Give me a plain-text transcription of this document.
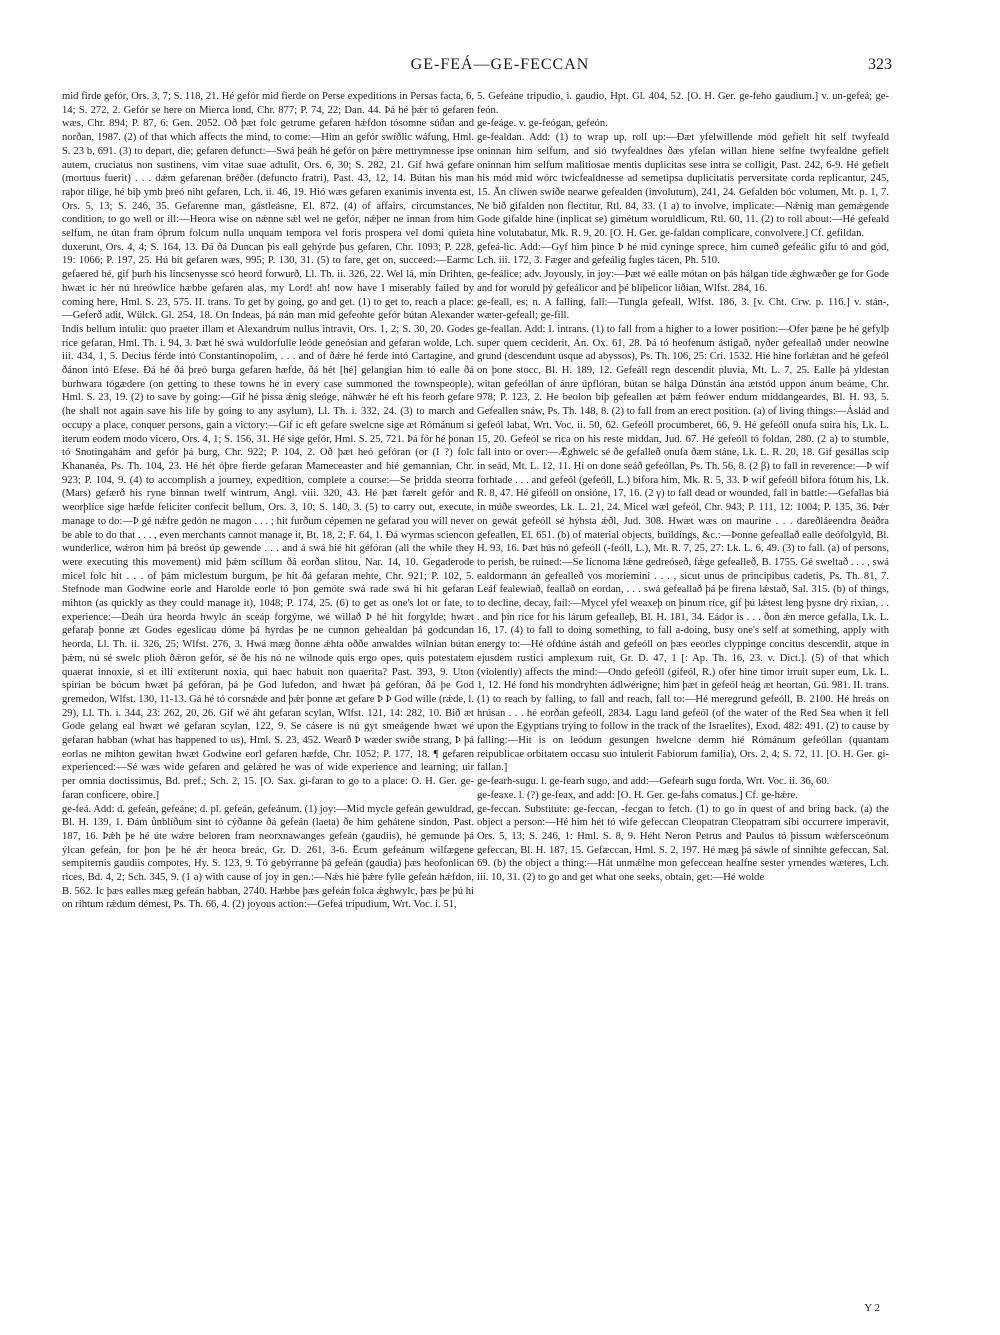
GE-FEÁ—GE-FECCAN	323

mid firde gefór, Ors. 3, 7; S. 118, 21. Hé gefór mid fierde on Perse expeditions in Persas facta, 6, 14; S. 272, 2. Gefór se here on Mierca lond, Chr. 877; P. 74, 22; Dan. 44. Þá hé þǽr tó gefaren wæs, Chr. 894; P. 87, 6: Gen. 2052. Oð þæt folc getrume gefaren hǽfdon tósomne súðan and norðan, 1987. (2) of that which affects the mind, to come:—Him an gefór swíðlic wáfung, Hml. S. 23 b, 691. (3) to depart, die; gefaren defunct:—Swá þeáh hé gefór on þǽre mettrymnesse ipse autem, cruciatus non sustinens, vim vitae suae adtulit, Ors. 6, 30; S. 282, 21. Gif hwá gefare (mortuus fuerit) . . . dǽm gefarenan bréðer (defuncto fratri), Past. 43, 12, 14. Bútan his man raþor tilige, hé biþ ymb þreó niht gefaren, Lch. ii. 46, 19. Hió wæs gefaren exanimis inventa est, Ors. 5, 13; S. 246, 35. Gefarenne man, gástleásne, El. 872. (4) of affairs, circumstances, condition, to go well or ill:—Heora wise on nǽnne sǽl wel ne gefór, nǽþer ne innan from him selfum, ne útan fram óþrum folcum nulla unquam tempora vel foris prospera vel domi quieta duxerunt, Ors. 4, 4; S. 164, 13. Ðá ðá Duncan þis eall gehýrde þus gefaren, Chr. 1093; P. 228, 19: 1066; P. 197, 25. Hú bit gefaren wæs, 995; P. 130, 31. (5) to fare, get on, succeed:—Earmc gefaered hé, gif þurh his lincsenysse scó heord forwurð, Ll. Th. ii. 326, 22. Wel lá, mín Drihten, hwæt ic hér nú hreówlice hæbbe gefaren alas, my Lord! ah! now have I miserably failed by coming here, Hml. S. 23, 575. II. trans. To get by going, go and get. (1) to get to, reach a place:—Geferð adit, Wülck. Gl. 254, 18. On Indeas, þá nán man mid gefeohte gefór bútan Alexander Indis bellum intulit: quo praeter illam et Alexandrum nullus intravit, Ors. 1, 2; S. 30, 20. Godes ríce gefaran, Hml. Th. i. 94, 3. Þæt hé swá wuldorfulle leóde geneósian and gefaran wolde, Lch. iii. 434, 1, 5. Decius férde intó Constantinopolim, . . . and of ðǽre hé ferde intó Cartagine, and ðánon intó Efese. Ðá hé ðá þreó burga gefaren hæfde, ðá hét [hé] gelangian him tó ealle ðá burhwara tógædere (on getting to these towns he in every case summoned the townspeople), Hml. S. 23, 19. (2) to save by going:—Gif hé þissa ǽnig sleóge, náhwǽr hé eft his feorh gefare (he shall not again save his life by going to any asylum), Ll. Th. i. 332, 24. (3) to march and occupy a place, conquer persons, gain a victory:—Gif ic eft gefare swelcne sige æt Rómánum si iterum eodem modo vicero, Ors. 4, 1; S. 156, 31. Hé sige gefór, Hml. S. 25, 721. Þá fór hé þonan tó Snotingahám and gefór þá burg, Chr. 922; P. 104, 2. Oð þæt heó gefóran (or (I ?) folc Khananéa, Ps. Th. 104, 23. Hé hét óþre fierde gefaran Mameceaster and hié gemannian, Chr. 923; P. 104, 9. (4) to accomplish a journey, expedition, complete a course:—Se þridda steorra (Mars) gefærð his ryne binnan twelf wintrum, Angl. viii. 320, 43. Hé þæt færelt gefór and weorþlíce sige hæfde feliciter confecit bellum, Ors. 3, 10; S. 140, 3. (5) to carry out, execute, manage to do:—Þ gé nǽfre gedón ne magon . . . ; hit furðum cépemen ne gefarad you will never be able to do that . . . , even merchants cannot manage it, Bt. 18, 2; F. 64, 1. Ðá wyrmas sciencon wunderlice, wǽron him þá breóst úp gewende . . . and á swá hié hit géfóran (all the while they were executing this movement) mid þǽm scillum ðá eorðan slitou, Nar. 14, 10. Gegaderode micel folc hit . . . of þám miclestum burgum, þe hit ðá gefaran mehte, Chr. 921; P. 102, 5. Stefnode man Godwine eorle and Harolde eorle tó þon gemóte swá rade swá hi hit gefaran mihton (as quickly as they could manage it), 1048; P. 174, 25. (6) to get as one's lot or fate, to experience:—Deáh úra heorda hwylc án sceáp forgýme, wé willað Þ hé hit forgylde; hwæt gefaraþ þonne æt Godes egesliсau dóme þá hyrdas þe ne cunnon gehealdan þá godcundan heorda, Ll. Th. ii. 326, 25; Wlfst. 276, 3. Hwá mæg ðonne ǽhta oððe anwaldes wilnian bútan þǽm, nú sé swelc plioh ðǽron gefór, sé ðe his nó ne wilnode quis ergo opes, quis potestatem quaerat innoxie, si et illi extiterunt noxia, qui haec habuit non quaerita? Past. 393, 9. Uton spirian be bócum hwæt þá gefóran, þá þe God lufedon, and hwæt þá gefóran, ðá þe God gremedon, Wlfst. 130, 11-13. Gá hé tó corsnǽde and þǽr þonne æt gefare Þ Þ God wille (rǽde, l. 29), Ll. Th. i. 344, 23: 262, 20, 26. Gif wé áht gefaran scylan, Wlfst. 121, 14: 282, 10. Bið æt Gode gelang eal hwæt wé gefaran scylan, 122, 9. Se cásere is nú gyt smeágende hwæt wé gefaran habban (what has happened to us), Hml. S. 23, 452. Wearð Þ wæder swíðe strang, Þ þá eorlas ne mihton gewitan hwæt Godwine eorl gefaren hæfde, Chr. 1052; P. 177, 18. ¶ gefaren experienced:—Sé wæs wide gefaren and gelǽred he was of wide experience and learning; uir per omnia doctissimus, Bd. pref.; Sch. 2, 15. [O. Sax. gi-faran to go to a place: O. H. Ger. ge-faran conficere, obire.]

ge-feá. Add: d. gefeán, gefeáne; d. pl. gefeán, gefeánum. (1) joy:—Mid mycle gefeán gewuldrad, Bl. H. 139, 1. Ðám ůnblíðum sint tó cýðanne ðá gefeán (laeta) ðe him gehátene sindon, Past. 187, 16. Þǽh þe hé úte wǽre beloren fram neorxnawanges gefeán (gaudiis), hé gemunde þá ýlcan gefeán, for þon þe hé ǽr heora breác, Gr. D. 261, 3-6. Ēcum gefeánum wilfægene sempiternis gaudiis compotes, Hy. S. 123, 9. Tó gebýrranne þá gefeán (gaudia) þæs heofonlican rices, Bd. 4, 2; Sch. 345, 9. (1 a) with cause of joy in gen.:—Nǽs hié þǽre fylle gefeán hǽfdon, B. 562. Ic þæs ealles mæg gefeán habban, 2740. Hæbbe þæs gefeán folca ǽghwylc, þæs þe þú hi on rihtum rǽdum démest, Ps. Th. 66, 4. (2) joyous action:—Gefeá tripudium, Wrt. Voc. i. 51,

5. Gefeáne tripudio, i. gaudio, Hpt. Gl. 404, 52. [O. H. Ger. ge-feho gaudium.] v. un-gefeá; ge-feón.

ge-feáge. v. ge-feógan, gefeón.

ge-fealdan. Add: (1) to wrap up, roll up:—Ðæt yfelwillende mód gefielt hit self twyfeald oninnan him selfum, and sió twyfealdnes ðæs yfelan willan hiene selfne twyfealdne gefielt oninnan him selfum malitiosae mentis duplicitas sese intra se colligit, Past. 242, 6-9. Hé gefielt his mód mid wórc twicfealdnesse ad semetipsa duplicitatis perversitate corda replicantur, 245, 15. Ān clíwen swíðe nearwe gefealden (involutum), 241, 24. Gefalden bóc volumen, Mt. p. 1, 7. Ne bið gifalden non flectitur, Rtl. 84, 33. (1 a) to involve, implicate:—Nǽnig man gemǽgende Gode gifalde hine (inplicat se) gimétum woruldlicum, Rtl. 60, 11. (2) to roll about:—Hé gefeald hine volutabatur, Mk. R. 9, 20. [O. H. Ger. ge-faldan complicare, convolvere.] Cf. gefildan.

gefeá-lic. Add:—Gyf him þince Þ hé mid cyninge sprece, him cumeð gefeálic gifu tó and gód, Lch. iii. 172, 3. Fæger and gefeálig fugles tácen, Ph. 510.

ge-feálice; adv. Joyously, in joy:—Þæt wé ealle mótan on þás hálgan tíde ǽghwæðer ge for Gode and for woruld þý gefeálicor and þé blíþelicor líðian, Wlfst. 284, 16.

ge-feall, es; n. A falling, fall:—Tungla gefeall, Wlfst. 186, 3. [v. Cht. Crw. p. 116.] v. stán-, wæter-gefeall; ge-fill.

ge-feallan. Add: I. intrans. (1) to fall from a higher to a lower position:—Ofer þæne þe hé gefylþ super quem ceciderit, An. Ox. 61, 28. Þá tó heofenum ástigað, nyðer gefeallað under neowlne grund (descendunt usque ad abyssos), Ps. Th. 106, 25: Cri. 1532. Hié hine forlǽtan and hé gefeól on þone stocc, Bl. H. 189, 12. Gefeáll regn descendit pluvia, Mt. L. 7, 25. Ealle þá yldestan witan gefeóllan of ánre úpflóran, bútan se hálga Dúnstán ána ætstód uppon ánum beáme, Chr. 978; P. 123, 2. He beolon biþ gefeallen æt þǽm feówer endum middangeardes, Bl. H. 93, 5. Gefeallen snáw, Ps. Th. 148, 8. (2) to fall from an erect position. (a) of living things:—Áslád and gefeól labat, Wrt. Voc. ii. 50, 62. Gefeóll procumberet, 66, 9. Hé gefeóll onufa suira his, Lk. L. 15, 20. Gefeól se rica on his reste middan, Jud. 67. Hé gefeóll tó foldan, 280. (2 a) to stumble, fall into or over:—Ǣghwelc sé ðe gefalleð onufa ðæm stáne, Lk. L. R. 20, 18. Gif gesállas scip in seád, Mt. L. 12, 11. Hí on done seáð gefeóllan, Ps. Th. 56, 8. (2 β) to fall in reverence:—Þ wíf forhtade . . . and gefeól (gefeóll, L.) bifora him, Mk. R. 5, 33. Þ wíf gefeóll bifora fótum his, Lk. R. 8, 47. Hé gifeóll on onsióne, 17, 16. (2 γ) to fall dead or wounded, fall in battle:—Gefallas biá in múðe sweordes, Lk. L. 21, 24. Micel wæl gefeól, Chr. 943; P. 111, 12: 1004; P. 135, 36. Þǽr on gewát gefeóll sé hýhsta ǽðl, Jud. 308. Hwæt wæs on mauríne . . . dareðláeendra ðeáðra gefeallen, El. 651. (b) of material objects, buildings, &c.:—Þonne gefeallað ealle deófolgyld, Bl. H. 93, 16. Þæt hús nó gefeóll (-feóll, L.), Mt. R. 7, 25, 27: Lk. L. 6, 49. (3) to fall. (a) of persons, to perish, be ruined:—Se lícnoma lǽne gedreóseð, fǽge gefealleð, B. 1755. Gé sweltað . . . , swá ealdormann án gefealleð vos moriemini . . . , sicut unus de principibus cadetis, Ps. Th. 81, 7. Leáf fealewiað, feallað on eordan, . . . swá gefeallað þá þe firena lǽstað, Sal. 315. (b) of things, to decline, decay, fail:—Mycel yfel weaxeþ on þinum ríce, gif þú lǽtest leng þysne drý rixian, . . . and þín ríce for his lárum gefealleþ, Bl. H. 181, 34. Eádor is . . . ðon ǽn merce gefalla, Lk. L. 16, 17. (4) to fall to doing something, to fall a-doing, busy one's self at something, apply with energy to:—Hé ofdúne ástáh and gefeóll on þæs eeorles clyppinge concitus descendit, atque in ejusdem rustici amplexum ruit, Gr. D. 47, 1 [: Ap. Th. 16, 23. v. Dict.]. (5) of that which (violently) affects the mind:—Ondo gefeóll (gifeól, R.) ofer hine timor irruit super eum, Lk. L. 1, 12. Hé fond his mondryhten ádlwérigne; him þæt in gefeól heág æt heortan, Gú. 981. II. trans. (1) to reach by falling, to fall and reach, fall to:—Hé meregrund gefeóll, B. 2100. Hé hreás on hrúsan . . . hé eorðan gefeóll, 2834. Lagu land gefeól (of the water of the Red Sea when it fell upon the Egyptians trying to follow in the track of the Israelites), Exod. 482: 491. (2) to cause by falling:—Hit is on leódum gesungen hwelcne demm hié Rómánum gefeóllan (quantam reipublicae orbitatem occasu suo intulerit Fabiorum familia), Ors. 2, 4; S. 72, 11. [O. H. Ger. gi-fallan.]

ge-fearh-sugu. l. ge-fearh sugo, and add:—Gefearh sugu forda, Wrt. Voc. ii. 36, 60.

ge-feaxe. l. (?) ge-feax, and add: [O. H. Ger. ge-fahs comatus.] Cf. ge-hǽre.

ge-feccan. Substitute: ge-feccan, -fecgan to fetch. (1) to go in quest of and bring back. (a) the object a person:—Hé him hét tó wife gefeccan Cleopatran Cleopatram sibi occurrere imperavit, Ors. 5, 13; S. 246, 1: Hml. S. 8, 9. Héht Neron Petrus and Paulus tó þissum wǽfersceónum gefeccan, Bl. H. 187, 15. Gefæccan, Hml. S. 2, 197. Hé mæg þá sáwle of sinnihte gefeccan, Sal. 69. (b) the object a thing:—Hát unmǽlne mon gefeccean healfne sester yrnendes wæteres, Lch. iii. 10, 31. (2) to go and get what one seeks, obtain, get:—Hé wolde

Y 2
